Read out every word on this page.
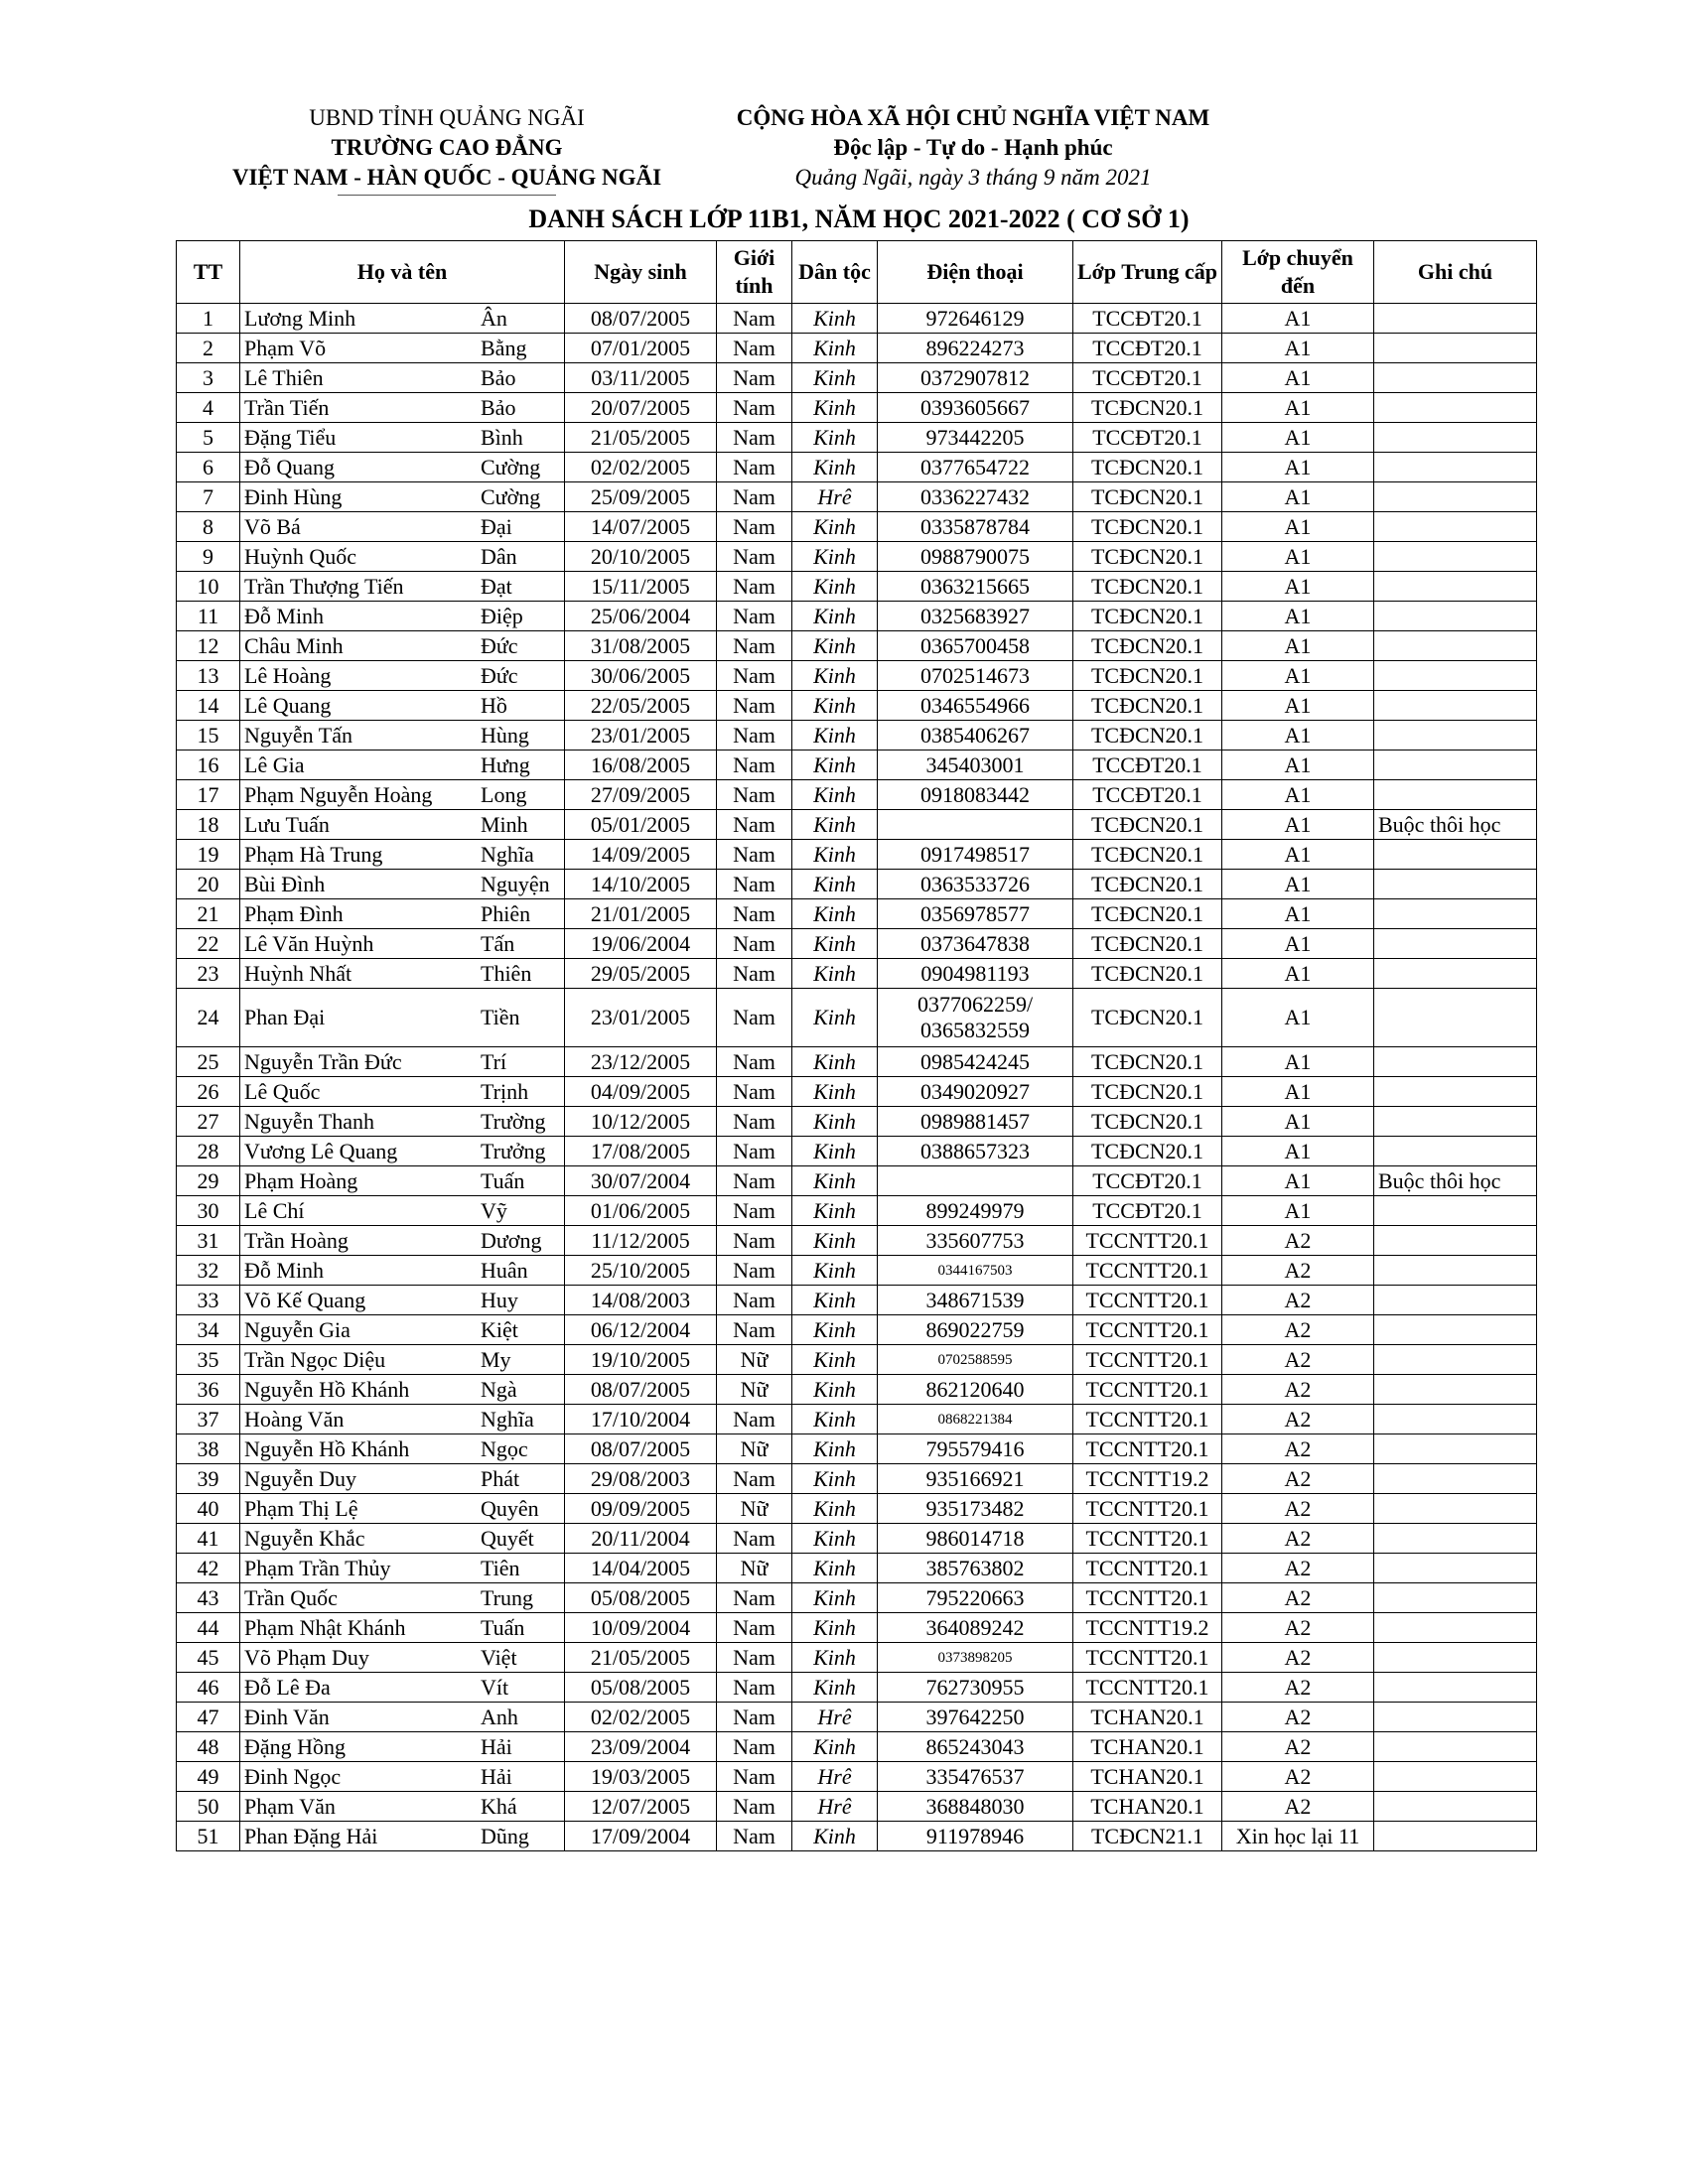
UBND TỈNH QUẢNG NGÃI
TRƯỜNG CAO ĐẲNG
VIỆT NAM - HÀN QUỐC - QUẢNG NGÃI
CỘNG HÒA XÃ HỘI CHỦ NGHĨA VIỆT NAM
Độc lập - Tự do - Hạnh phúc
Quảng Ngãi, ngày 3 tháng 9 năm 2021
DANH SÁCH LỚP 11B1, NĂM HỌC 2021-2022 ( CƠ SỞ 1)
TT	Họ và tên	Ngày sinh	Giới tính	Dân tộc	Điện thoại	Lớp Trung cấp	Lớp chuyển đến	Ghi chú
1	Lương Minh Ân	08/07/2005	Nam	Kinh	972646129	TCCĐT20.1	A1	
2	Phạm Võ Bằng	07/01/2005	Nam	Kinh	896224273	TCCĐT20.1	A1	
3	Lê Thiên Bảo	03/11/2005	Nam	Kinh	0372907812	TCCĐT20.1	A1	
4	Trần Tiến Bảo	20/07/2005	Nam	Kinh	0393605667	TCĐCN20.1	A1	
5	Đặng Tiểu Bình	21/05/2005	Nam	Kinh	973442205	TCCĐT20.1	A1	
6	Đỗ Quang Cường	02/02/2005	Nam	Kinh	0377654722	TCĐCN20.1	A1	
7	Đinh Hùng Cường	25/09/2005	Nam	Hrê	0336227432	TCĐCN20.1	A1	
8	Võ Bá Đại	14/07/2005	Nam	Kinh	0335878784	TCĐCN20.1	A1	
9	Huỳnh Quốc Dân	20/10/2005	Nam	Kinh	0988790075	TCĐCN20.1	A1	
10	Trần Thượng Tiến Đạt	15/11/2005	Nam	Kinh	0363215665	TCĐCN20.1	A1	
11	Đỗ Minh Điệp	25/06/2004	Nam	Kinh	0325683927	TCĐCN20.1	A1	
12	Châu Minh Đức	31/08/2005	Nam	Kinh	0365700458	TCĐCN20.1	A1	
13	Lê Hoàng Đức	30/06/2005	Nam	Kinh	0702514673	TCĐCN20.1	A1	
14	Lê Quang Hồ	22/05/2005	Nam	Kinh	0346554966	TCĐCN20.1	A1	
15	Nguyễn Tấn Hùng	23/01/2005	Nam	Kinh	0385406267	TCĐCN20.1	A1	
16	Lê Gia Hưng	16/08/2005	Nam	Kinh	345403001	TCCĐT20.1	A1	
17	Phạm Nguyễn Hoàng Long	27/09/2005	Nam	Kinh	0918083442	TCCĐT20.1	A1	
18	Lưu Tuấn Minh	05/01/2005	Nam	Kinh		TCĐCN20.1	A1	Buộc thôi học
19	Phạm Hà Trung Nghĩa	14/09/2005	Nam	Kinh	0917498517	TCĐCN20.1	A1	
20	Bùi Đình Nguyện	14/10/2005	Nam	Kinh	0363533726	TCĐCN20.1	A1	
21	Phạm Đình Phiên	21/01/2005	Nam	Kinh	0356978577	TCĐCN20.1	A1	
22	Lê Văn Huỳnh Tấn	19/06/2004	Nam	Kinh	0373647838	TCĐCN20.1	A1	
23	Huỳnh Nhất Thiên	29/05/2005	Nam	Kinh	0904981193	TCĐCN20.1	A1	
24	Phan Đại Tiền	23/01/2005	Nam	Kinh	0377062259/ 0365832559	TCĐCN20.1	A1	
25	Nguyễn Trần Đức Trí	23/12/2005	Nam	Kinh	0985424245	TCĐCN20.1	A1	
26	Lê Quốc Trịnh	04/09/2005	Nam	Kinh	0349020927	TCĐCN20.1	A1	
27	Nguyễn Thanh Trường	10/12/2005	Nam	Kinh	0989881457	TCĐCN20.1	A1	
28	Vương Lê Quang Trưởng	17/08/2005	Nam	Kinh	0388657323	TCĐCN20.1	A1	
29	Phạm Hoàng Tuấn	30/07/2004	Nam	Kinh		TCCĐT20.1	A1	Buộc thôi học
30	Lê Chí Vỹ	01/06/2005	Nam	Kinh	899249979	TCCĐT20.1	A1	
31	Trần Hoàng Dương	11/12/2005	Nam	Kinh	335607753	TCCNTT20.1	A2	
32	Đỗ Minh Huân	25/10/2005	Nam	Kinh	0344167503	TCCNTT20.1	A2	
33	Võ Kế Quang Huy	14/08/2003	Nam	Kinh	348671539	TCCNTT20.1	A2	
34	Nguyễn Gia Kiệt	06/12/2004	Nam	Kinh	869022759	TCCNTT20.1	A2	
35	Trần Ngọc Diệu My	19/10/2005	Nữ	Kinh	0702588595	TCCNTT20.1	A2	
36	Nguyễn Hồ Khánh Ngà	08/07/2005	Nữ	Kinh	862120640	TCCNTT20.1	A2	
37	Hoàng Văn Nghĩa	17/10/2004	Nam	Kinh	0868221384	TCCNTT20.1	A2	
38	Nguyễn Hồ Khánh Ngọc	08/07/2005	Nữ	Kinh	795579416	TCCNTT20.1	A2	
39	Nguyễn Duy Phát	29/08/2003	Nam	Kinh	935166921	TCCNTT19.2	A2	
40	Phạm Thị Lệ Quyên	09/09/2005	Nữ	Kinh	935173482	TCCNTT20.1	A2	
41	Nguyễn Khắc Quyết	20/11/2004	Nam	Kinh	986014718	TCCNTT20.1	A2	
42	Phạm Trần Thủy Tiên	14/04/2005	Nữ	Kinh	385763802	TCCNTT20.1	A2	
43	Trần Quốc Trung	05/08/2005	Nam	Kinh	795220663	TCCNTT20.1	A2	
44	Phạm Nhật Khánh Tuấn	10/09/2004	Nam	Kinh	364089242	TCCNTT19.2	A2	
45	Võ Phạm Duy Việt	21/05/2005	Nam	Kinh	0373898205	TCCNTT20.1	A2	
46	Đỗ Lê Đa Vít	05/08/2005	Nam	Kinh	762730955	TCCNTT20.1	A2	
47	Đinh Văn Anh	02/02/2005	Nam	Hrê	397642250	TCHAN20.1	A2	
48	Đặng Hồng Hải	23/09/2004	Nam	Kinh	865243043	TCHAN20.1	A2	
49	Đinh Ngọc Hải	19/03/2005	Nam	Hrê	335476537	TCHAN20.1	A2	
50	Phạm Văn Khá	12/07/2005	Nam	Hrê	368848030	TCHAN20.1	A2	
51	Phan Đặng Hải Dũng	17/09/2004	Nam	Kinh	911978946	TCĐCN21.1	Xin học lại 11	
